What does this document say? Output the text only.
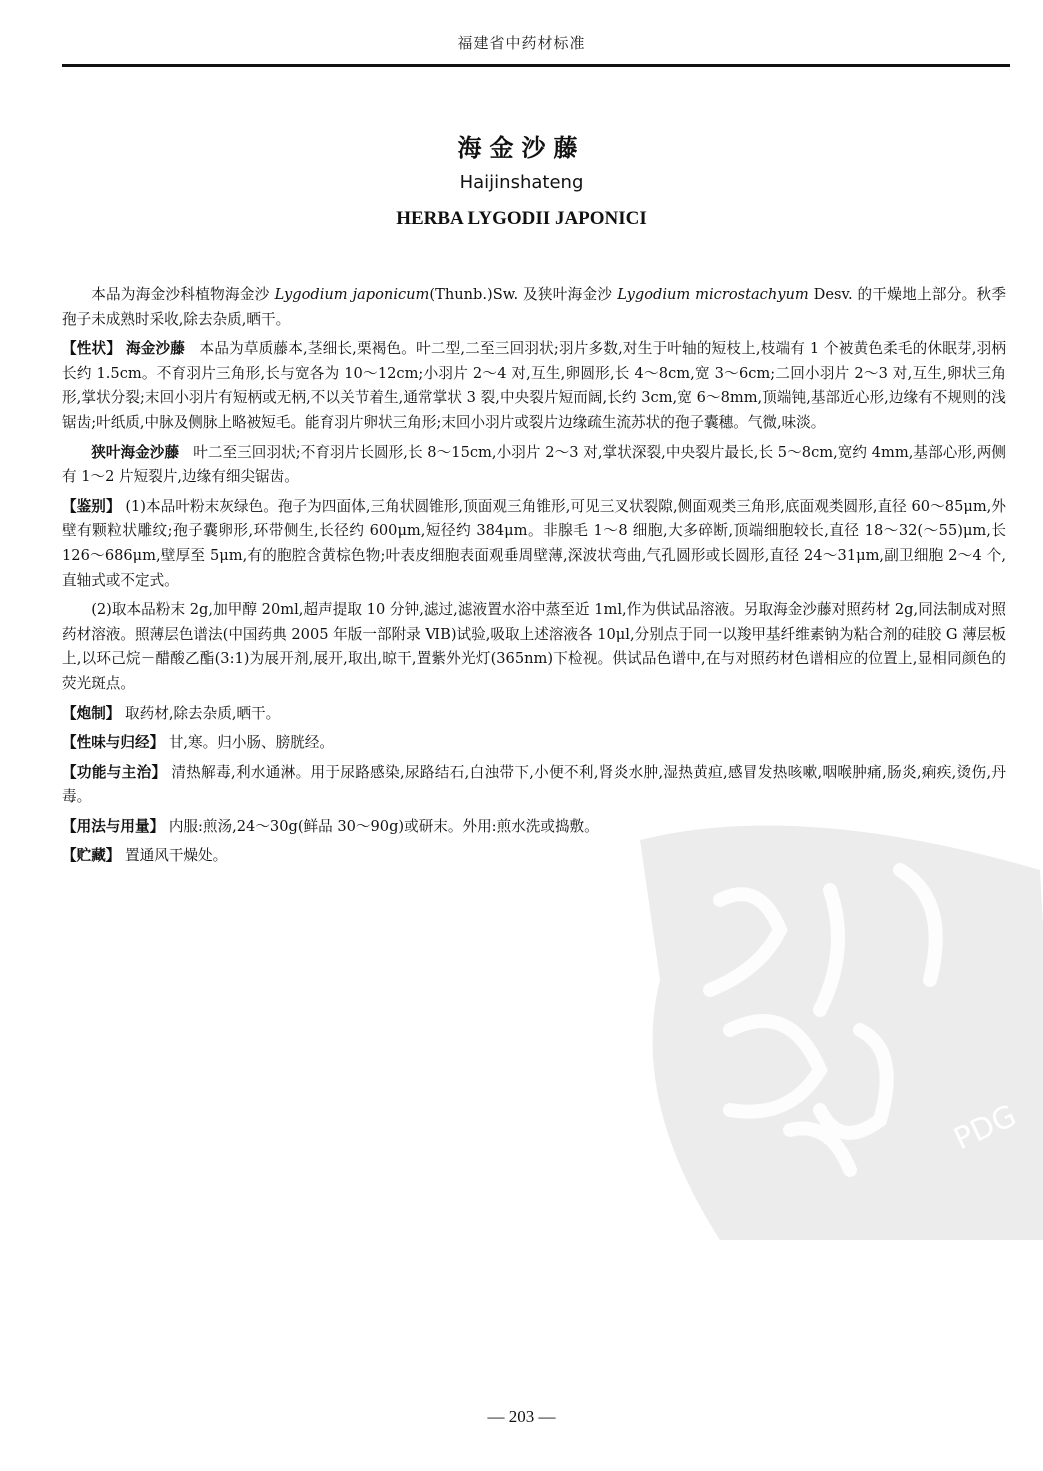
福建省中药材标准
海金沙藤
Haijinshateng
HERBA LYGODII JAPONICI

本品为海金沙科植物海金沙 Lygodium japonicum(Thunb.)Sw. 及狭叶海金沙 Lygodium microstachyum Desv. 的干燥地上部分。秋季孢子未成熟时采收,除去杂质,晒干。

【性状】 海金沙藤 本品为草质藤本,茎细长,栗褐色。叶二型,二至三回羽状;羽片多数,对生于叶轴的短枝上,枝端有 1 个被黄色柔毛的休眠芽,羽柄长约 1.5cm。不育羽片三角形,长与宽各为 10～12cm;小羽片 2～4 对,互生,卵圆形,长 4～8cm,宽 3～6cm;二回小羽片 2～3 对,互生,卵状三角形,掌状分裂;末回小羽片有短柄或无柄,不以关节着生,通常掌状 3 裂,中央裂片短而阔,长约 3cm,宽 6～8mm,顶端钝,基部近心形,边缘有不规则的浅锯齿;叶纸质,中脉及侧脉上略被短毛。能育羽片卵状三角形;末回小羽片或裂片边缘疏生流苏状的孢子囊穗。气微,味淡。

狭叶海金沙藤 叶二至三回羽状;不育羽片长圆形,长 8～15cm,小羽片 2～3 对,掌状深裂,中央裂片最长,长 5～8cm,宽约 4mm,基部心形,两侧有 1～2 片短裂片,边缘有细尖锯齿。

【鉴别】 (1)本品叶粉末灰绿色。孢子为四面体,三角状圆锥形,顶面观三角锥形,可见三叉状裂隙,侧面观类三角形,底面观类圆形,直径 60～85μm,外壁有颗粒状雕纹;孢子囊卵形,环带侧生,长径约 600μm,短径约 384μm。非腺毛 1～8 细胞,大多碎断,顶端细胞较长,直径 18～32(～55)μm,长 126～686μm,壁厚至 5μm,有的胞腔含黄棕色物;叶表皮细胞表面观垂周壁薄,深波状弯曲,气孔圆形或长圆形,直径 24～31μm,副卫细胞 2～4 个,直轴式或不定式。

(2)取本品粉末 2g,加甲醇 20ml,超声提取 10 分钟,滤过,滤液置水浴中蒸至近 1ml,作为供试品溶液。另取海金沙藤对照药材 2g,同法制成对照药材溶液。照薄层色谱法(中国药典 2005 年版一部附录 ⅥB)试验,吸取上述溶液各 10μl,分别点于同一以羧甲基纤维素钠为粘合剂的硅胶 G 薄层板上,以环己烷－醋酸乙酯(3:1)为展开剂,展开,取出,晾干,置紫外光灯(365nm)下检视。供试品色谱中,在与对照药材色谱相应的位置上,显相同颜色的荧光斑点。

【炮制】 取药材,除去杂质,晒干。

【性味与归经】 甘,寒。归小肠、膀胱经。

【功能与主治】 清热解毒,利水通淋。用于尿路感染,尿路结石,白浊带下,小便不利,肾炎水肿,湿热黄疸,感冒发热咳嗽,咽喉肿痛,肠炎,痢疾,烫伤,丹毒。

【用法与用量】 内服:煎汤,24～30g(鲜品 30～90g)或研末。外用:煎水洗或捣敷。

【贮藏】 置通风干燥处。

PDG
— 203 —
